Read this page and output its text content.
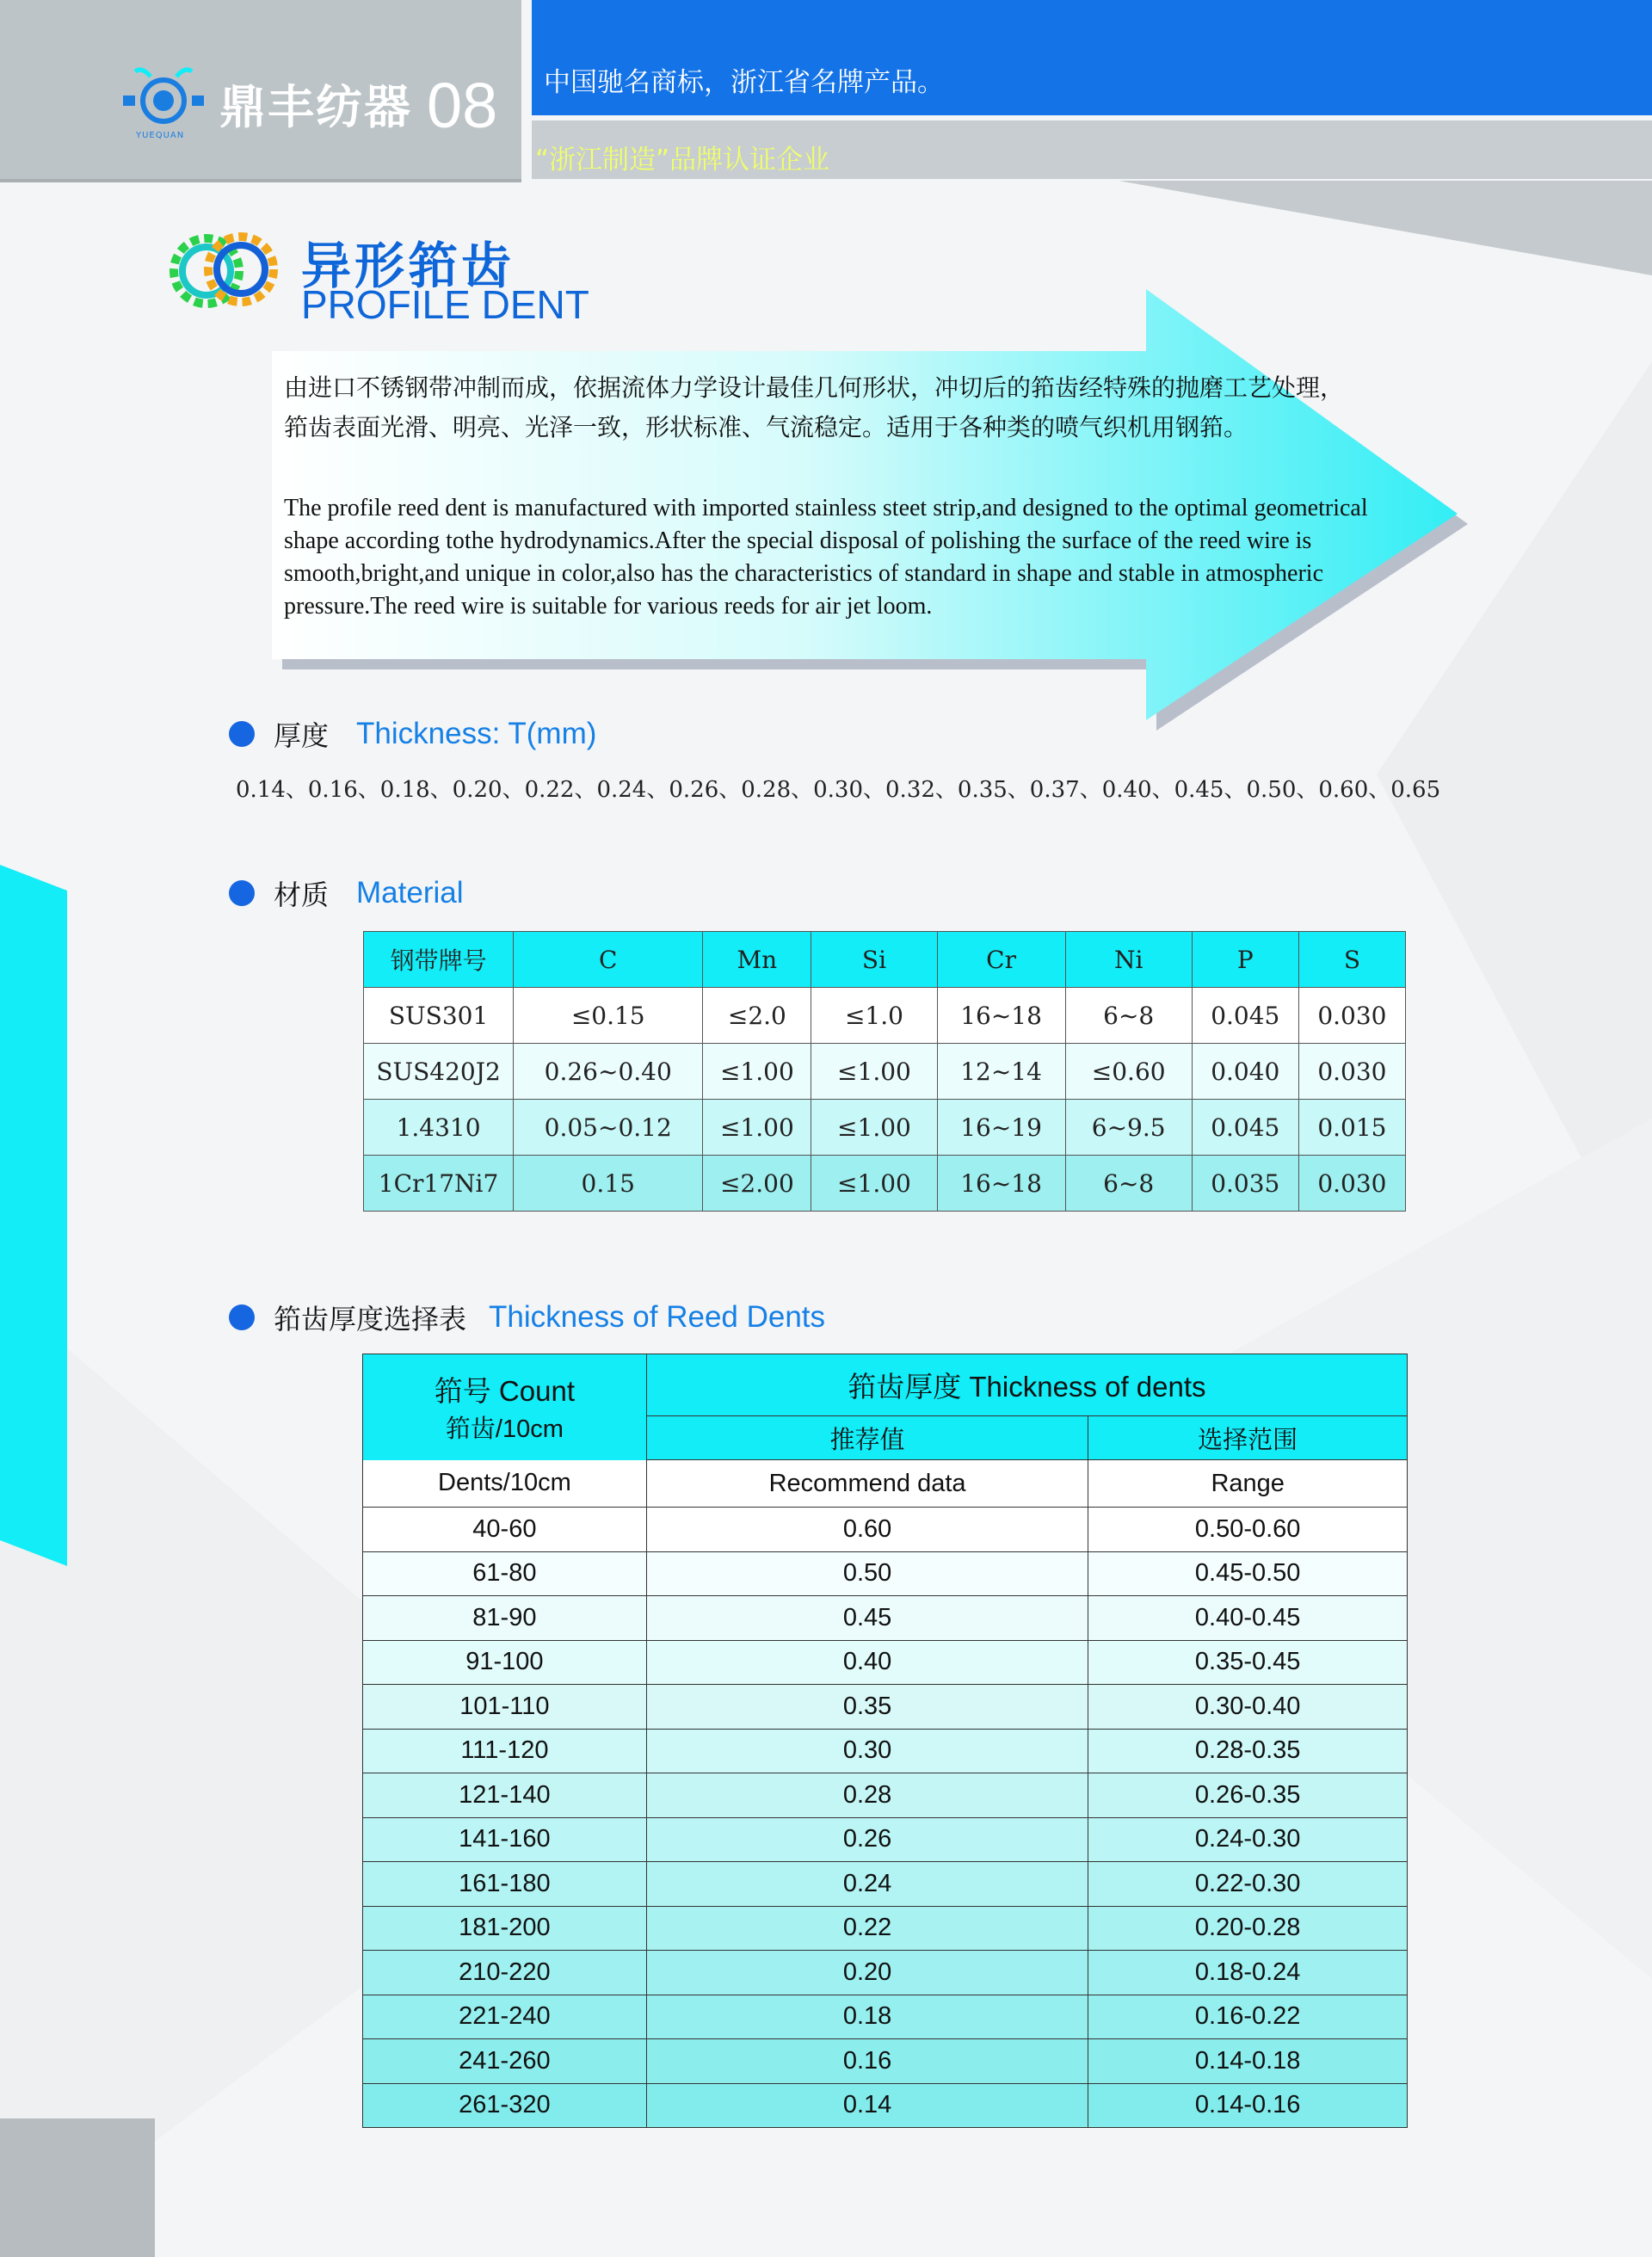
中国驰名商标，浙江省名牌产品。
“浙江制造”品牌认证企业
YUEQUAN
鼎丰纺器 08
异形筘齿
PROFILE DENT

由进口不锈钢带冲制而成，依据流体力学设计最佳几何形状，冲切后的筘齿经特殊的抛磨工艺处理，筘齿表面光滑、明亮、光泽一致，形状标准、气流稳定。适用于各种类的喷气织机用钢筘。

The profile reed dent is manufactured with imported stainless steet strip,and designed to the optimal geometrical shape according tothe hydrodynamics.After the special disposal of polishing the surface of the reed wire is smooth,bright,and unique in color,also has the characteristics of standard in shape and stable in atmospheric pressure.The reed wire is suitable for various reeds for air jet loom.

厚度 Thickness: T(mm)
0.14、0.16、0.18、0.20、0.22、0.24、0.26、0.28、0.30、0.32、0.35、0.37、0.40、0.45、0.50、0.60、0.65
材质 Material
钢带牌号	C	Mn	Si	Cr	Ni	P	S
SUS301	≤0.15	≤2.0	≤1.0	16~18	6~8	0.045	0.030
SUS420J2	0.26~0.40	≤1.00	≤1.00	12~14	≤0.60	0.040	0.030
1.4310	0.05~0.12	≤1.00	≤1.00	16~19	6~9.5	0.045	0.015
1Cr17Ni7	0.15	≤2.00	≤1.00	16~18	6~8	0.035	0.030
筘齿厚度选择表 Thickness of Reed Dents
筘号 Count
筘齿/10cm	筘齿厚度 Thickness of dents	
	推荐值	选择范围
Dents/10cm	Recommend data	Range
40-60	0.60	0.50-0.60
61-80	0.50	0.45-0.50
81-90	0.45	0.40-0.45
91-100	0.40	0.35-0.45
101-110	0.35	0.30-0.40
111-120	0.30	0.28-0.35
121-140	0.28	0.26-0.35
141-160	0.26	0.24-0.30
161-180	0.24	0.22-0.30
181-200	0.22	0.20-0.28
210-220	0.20	0.18-0.24
221-240	0.18	0.16-0.22
241-260	0.16	0.14-0.18
261-320	0.14	0.14-0.16
